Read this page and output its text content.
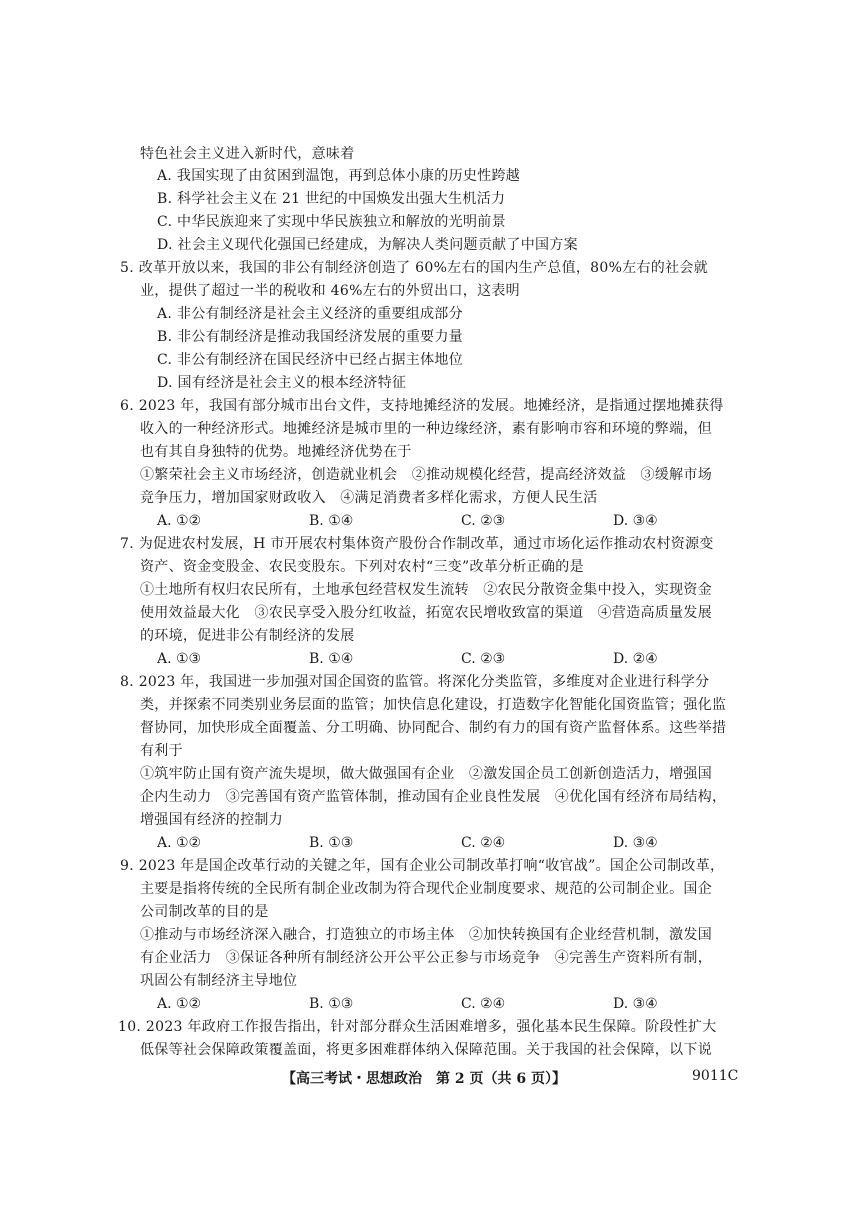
特色社会主义进入新时代，意味着
A. 我国实现了由贫困到温饱，再到总体小康的历史性跨越
B. 科学社会主义在 21 世纪的中国焕发出强大生机活力
C. 中华民族迎来了实现中华民族独立和解放的光明前景
D. 社会主义现代化强国已经建成，为解决人类问题贡献了中国方案
5. 改革开放以来，我国的非公有制经济创造了 60%左右的国内生产总值，80%左右的社会就
业，提供了超过一半的税收和 46%左右的外贸出口，这表明
A. 非公有制经济是社会主义经济的重要组成部分
B. 非公有制经济是推动我国经济发展的重要力量
C. 非公有制经济在国民经济中已经占据主体地位
D. 国有经济是社会主义的根本经济特征
6. 2023 年，我国有部分城市出台文件，支持地摊经济的发展。地摊经济，是指通过摆地摊获得
收入的一种经济形式。地摊经济是城市里的一种边缘经济，素有影响市容和环境的弊端，但
也有其自身独特的优势。地摊经济优势在于
①繁荣社会主义市场经济，创造就业机会　②推动规模化经营，提高经济效益　③缓解市场
竞争压力，增加国家财政收入　④满足消费者多样化需求，方便人民生活
A. ①②	B. ①④	C. ②③	D. ③④
7. 为促进农村发展，H 市开展农村集体资产股份合作制改革，通过市场化运作推动农村资源变
资产、资金变股金、农民变股东。下列对农村“三变”改革分析正确的是
①土地所有权归农民所有，土地承包经营权发生流转　②农民分散资金集中投入，实现资金
使用效益最大化　③农民享受入股分红收益，拓宽农民增收致富的渠道　④营造高质量发展
的环境，促进非公有制经济的发展
A. ①③	B. ①④	C. ②③	D. ②④
8. 2023 年，我国进一步加强对国企国资的监管。将深化分类监管，多维度对企业进行科学分
类，并探索不同类别业务层面的监管；加快信息化建设，打造数字化智能化国资监管；强化监
督协同，加快形成全面覆盖、分工明确、协同配合、制约有力的国有资产监督体系。这些举措
有利于
①筑牢防止国有资产流失堤坝，做大做强国有企业　②激发国企员工创新创造活力，增强国
企内生动力　③完善国有资产监管体制，推动国有企业良性发展　④优化国有经济布局结构，
增强国有经济的控制力
A. ①②	B. ①③	C. ②④	D. ③④
9. 2023 年是国企改革行动的关键之年，国有企业公司制改革打响“收官战”。国企公司制改革，
主要是指将传统的全民所有制企业改制为符合现代企业制度要求、规范的公司制企业。国企
公司制改革的目的是
①推动与市场经济深入融合，打造独立的市场主体　②加快转换国有企业经营机制，激发国
有企业活力　③保证各种所有制经济公开公平公正参与市场竞争　④完善生产资料所有制，
巩固公有制经济主导地位
A. ①②	B. ①③	C. ②④	D. ③④
10. 2023 年政府工作报告指出，针对部分群众生活困难增多，强化基本民生保障。阶段性扩大
低保等社会保障政策覆盖面，将更多困难群体纳入保障范围。关于我国的社会保障，以下说
【高三考试・思想政治　第 2 页（共 6 页）】	9011C
